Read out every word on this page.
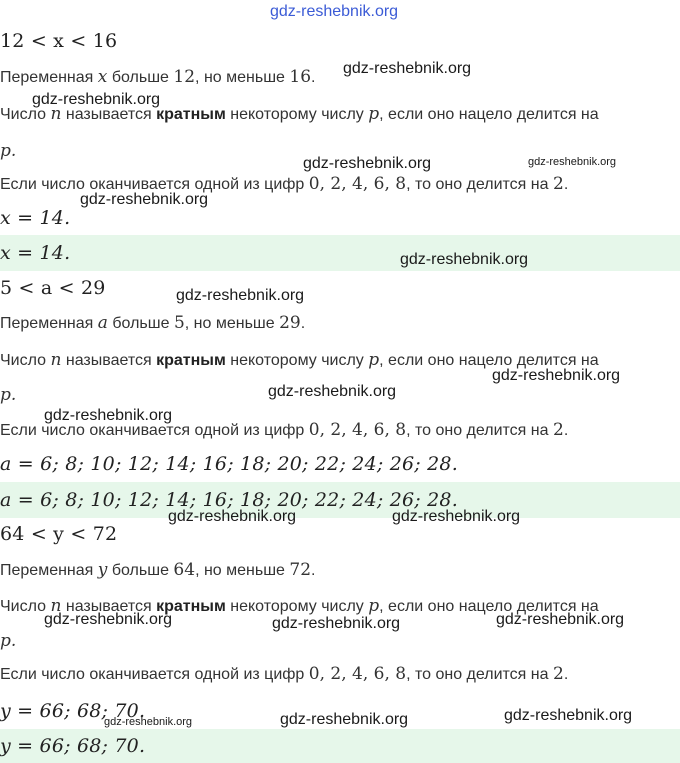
12 < x < 16
Переменная x больше 12, но меньше 16.
Число n называется кратным некоторому числу p, если оно нацело делится на
p.
Если число оканчивается одной из цифр 0, 2, 4, 6, 8, то оно делится на 2.
x = 14.
x = 14.
5 < a < 29
Переменная a больше 5, но меньше 29.
Число n называется кратным некоторому числу p, если оно нацело делится на
p.
Если число оканчивается одной из цифр 0, 2, 4, 6, 8, то оно делится на 2.
a = 6; 8; 10; 12; 14; 16; 18; 20; 22; 24; 26; 28.
a = 6; 8; 10; 12; 14; 16; 18; 20; 22; 24; 26; 28.
64 < y < 72
Переменная y больше 64, но меньше 72.
Число n называется кратным некоторому числу p, если оно нацело делится на
p.
Если число оканчивается одной из цифр 0, 2, 4, 6, 8, то оно делится на 2.
y = 66; 68; 70.
y = 66; 68; 70.
gdz-reshebnik.org
gdz-reshebnik.org
gdz-reshebnik.org
gdz-reshebnik.org	gdz-reshebnik.org
gdz-reshebnik.org
gdz-reshebnik.org
gdz-reshebnik.org
gdz-reshebnik.org
gdz-reshebnik.org
gdz-reshebnik.org
gdz-reshebnik.org	gdz-reshebnik.org
gdz-reshebnik.org	gdz-reshebnik.org	gdz-reshebnik.org
gdz-reshebnik.org	gdz-reshebnik.org	gdz-reshebnik.org
